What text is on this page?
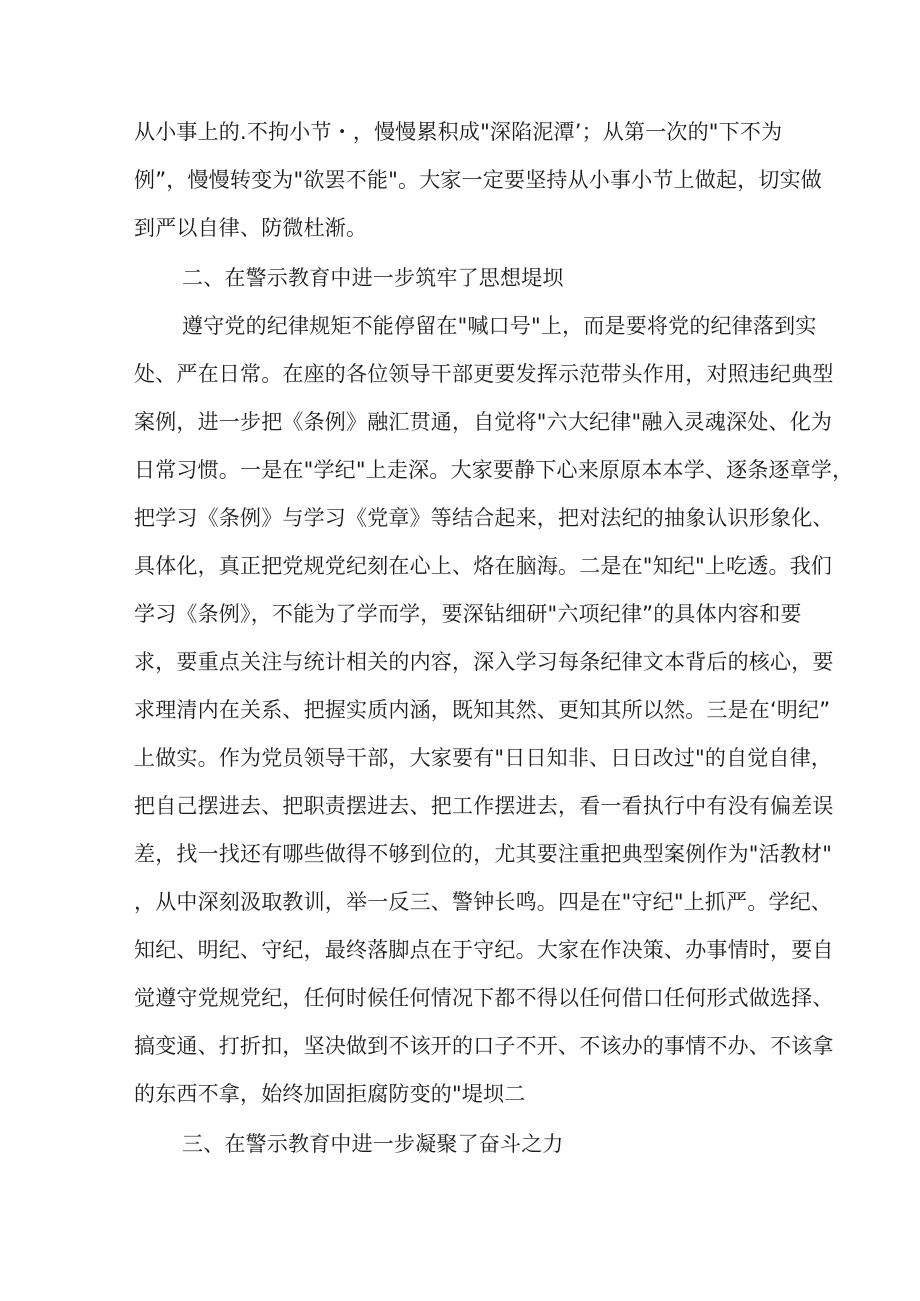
从小事上的.不拘小节・，慢慢累积成"深陷泥潭’；从第一次的"下不为

例”，慢慢转变为"欲罢不能"。大家一定要坚持从小事小节上做起，切实做

到严以自律、防微杜渐。

二、在警示教育中进一步筑牢了思想堤坝

遵守党的纪律规矩不能停留在"喊口号"上，而是要将党的纪律落到实

处、严在日常。在座的各位领导干部更要发挥示范带头作用，对照违纪典型

案例，进一步把《条例》融汇贯通，自觉将"六大纪律"融入灵魂深处、化为

日常习惯。一是在"学纪"上走深。大家要静下心来原原本本学、逐条逐章学，

把学习《条例》与学习《党章》等结合起来，把对法纪的抽象认识形象化、

具体化，真正把党规党纪刻在心上、烙在脑海。二是在"知纪"上吃透。我们

学习《条例》，不能为了学而学，要深钻细研"六项纪律”的具体内容和要

求，要重点关注与统计相关的内容，深入学习每条纪律文本背后的核心，要

求理清内在关系、把握实质内涵，既知其然、更知其所以然。三是在‘明纪”

上做实。作为党员领导干部，大家要有"日日知非、日日改过"的自觉自律，

把自己摆进去、把职责摆进去、把工作摆进去，看一看执行中有没有偏差误

差，找一找还有哪些做得不够到位的，尤其要注重把典型案例作为"活教材"

，从中深刻汲取教训，举一反三、警钟长鸣。四是在"守纪"上抓严。学纪、

知纪、明纪、守纪，最终落脚点在于守纪。大家在作决策、办事情时，要自

觉遵守党规党纪，任何时候任何情况下都不得以任何借口任何形式做选择、

搞变通、打折扣，坚决做到不该开的口子不开、不该办的事情不办、不该拿

的东西不拿，始终加固拒腐防变的"堤坝二

三、在警示教育中进一步凝聚了奋斗之力
